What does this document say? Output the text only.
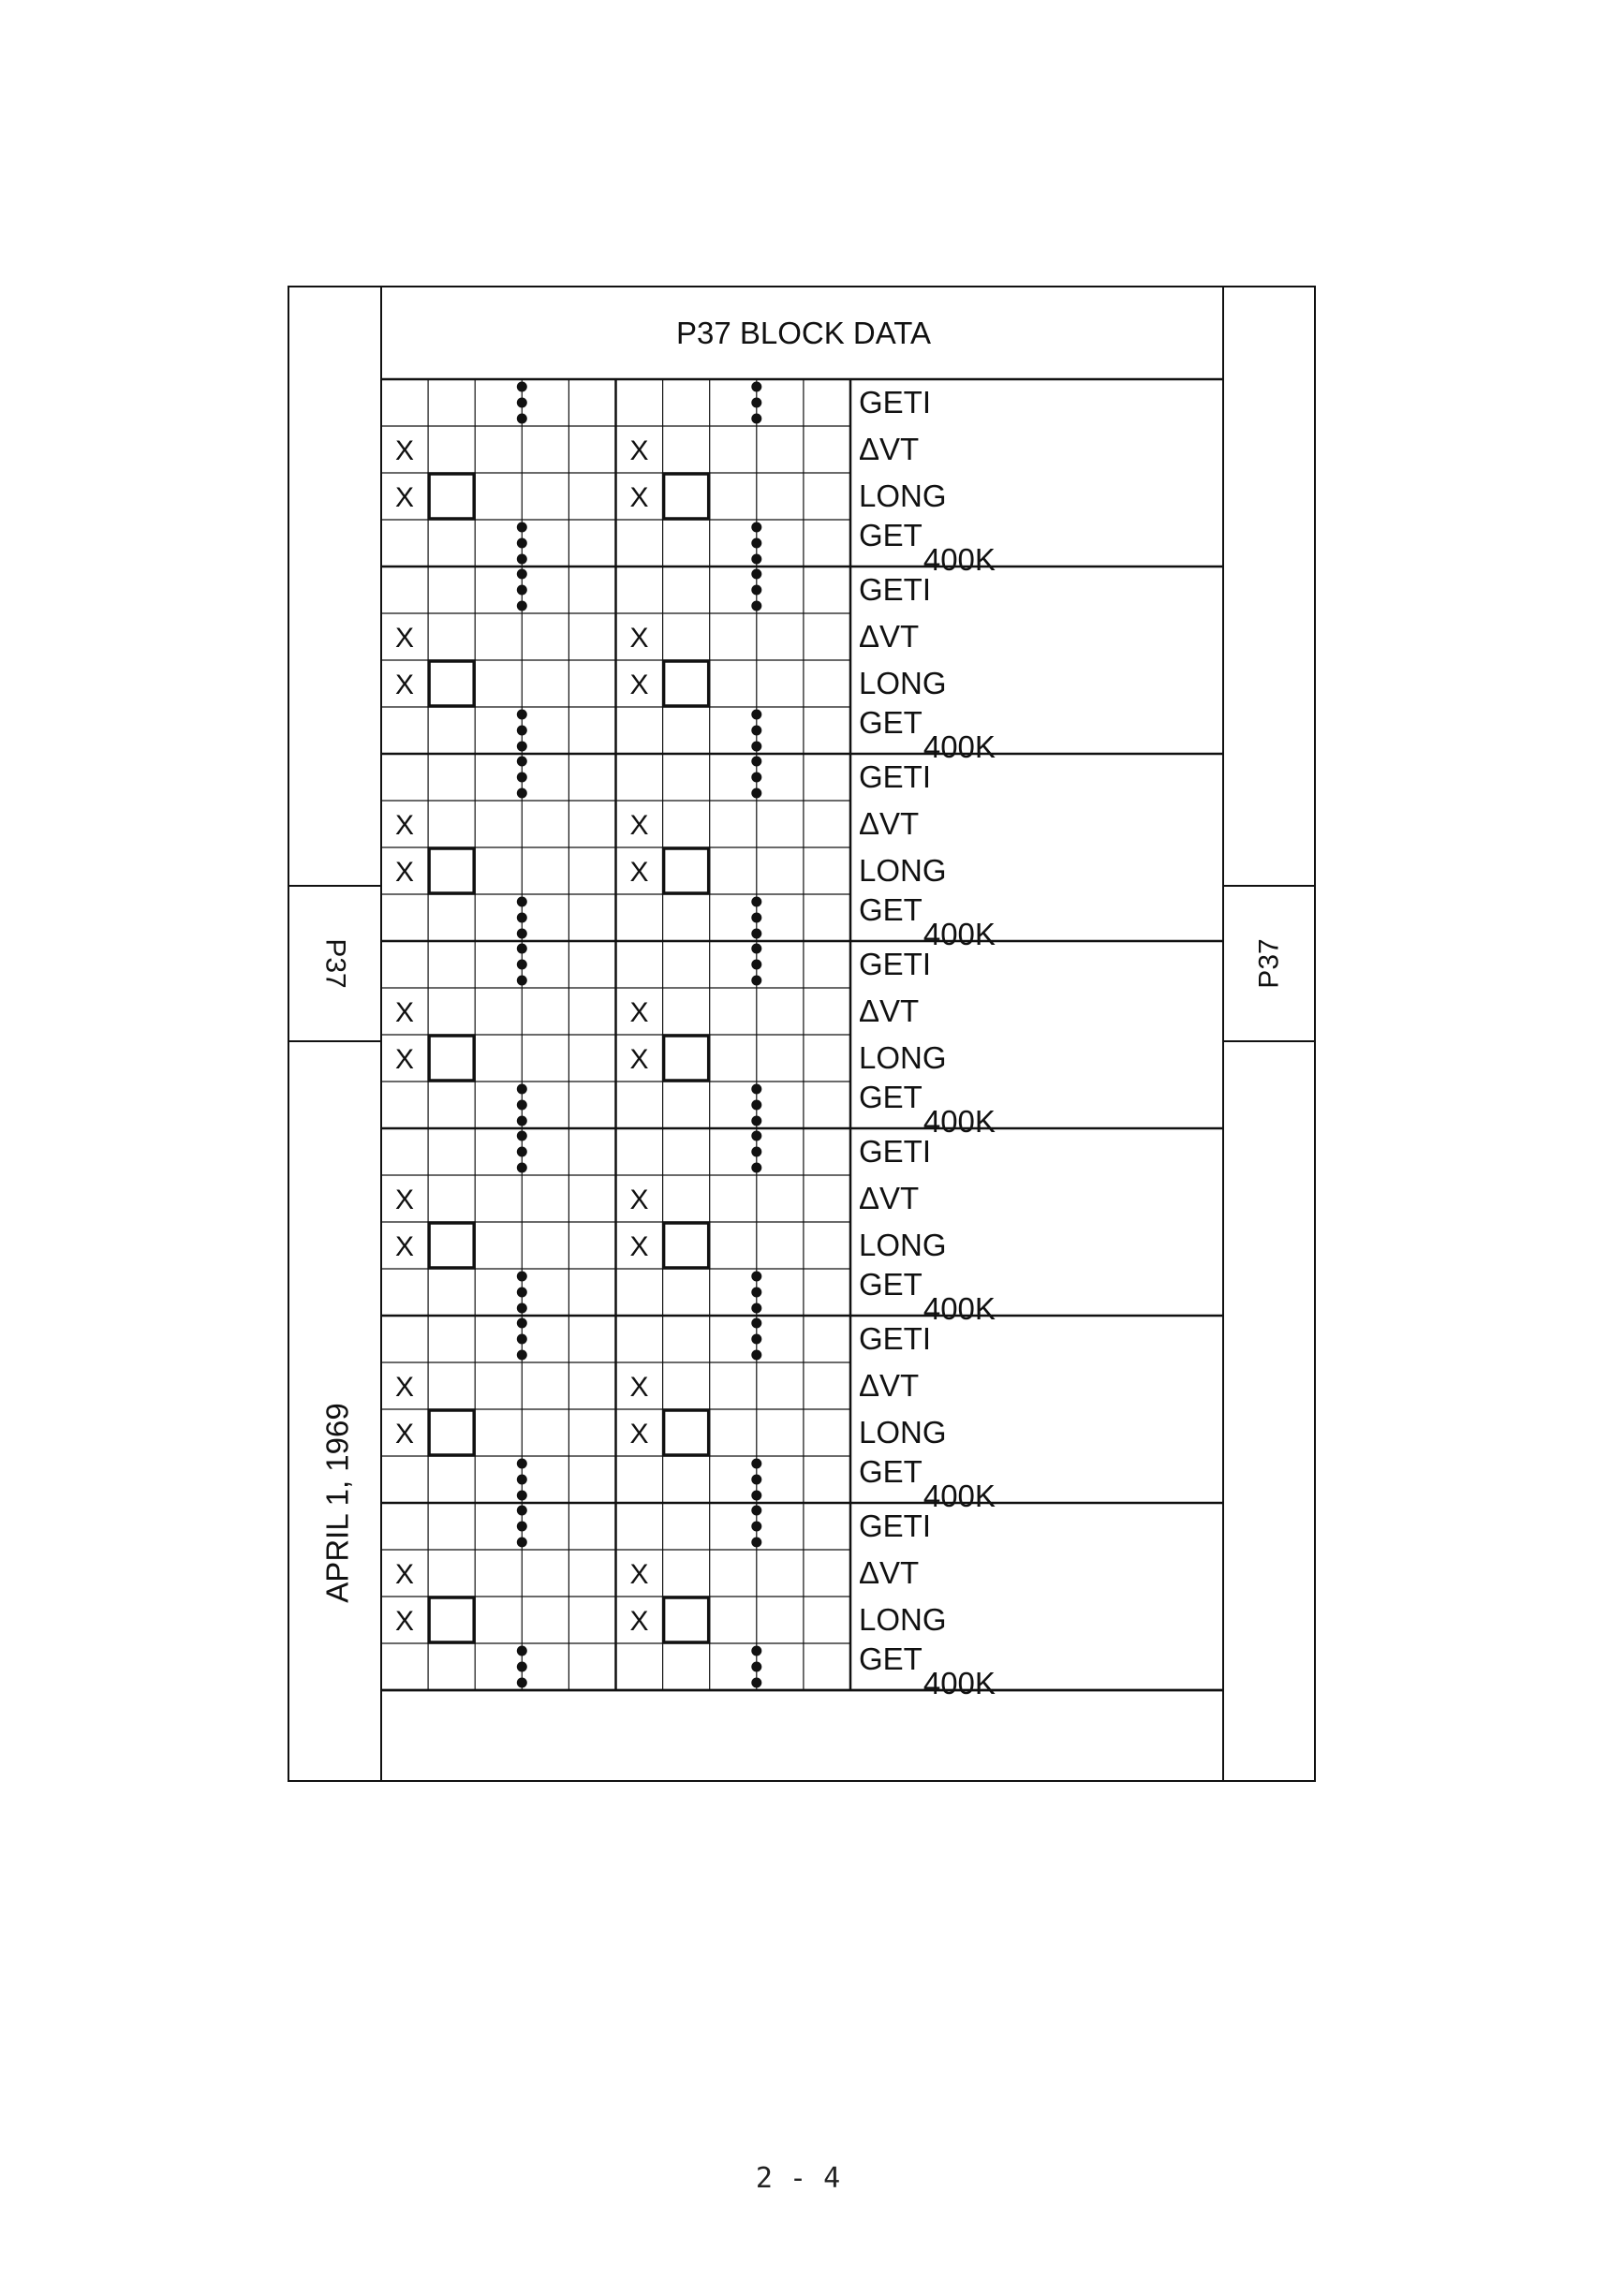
P37 BLOCK DATA
P37	P37
APRIL 1, 1969
X
X
X
X
GETI
ΔVT
LONG
GET
400K
X
X
X
X
GETI
ΔVT
LONG
GET
400K
X
X
X
X
GETI
ΔVT
LONG
GET
400K
X
X
X
X
GETI
ΔVT
LONG
GET
400K
X
X
X
X
GETI
ΔVT
LONG
GET
400K
X
X
X
X
GETI
ΔVT
LONG
GET
400K
X
X
X
X
GETI
ΔVT
LONG
GET
400K
2 - 4
